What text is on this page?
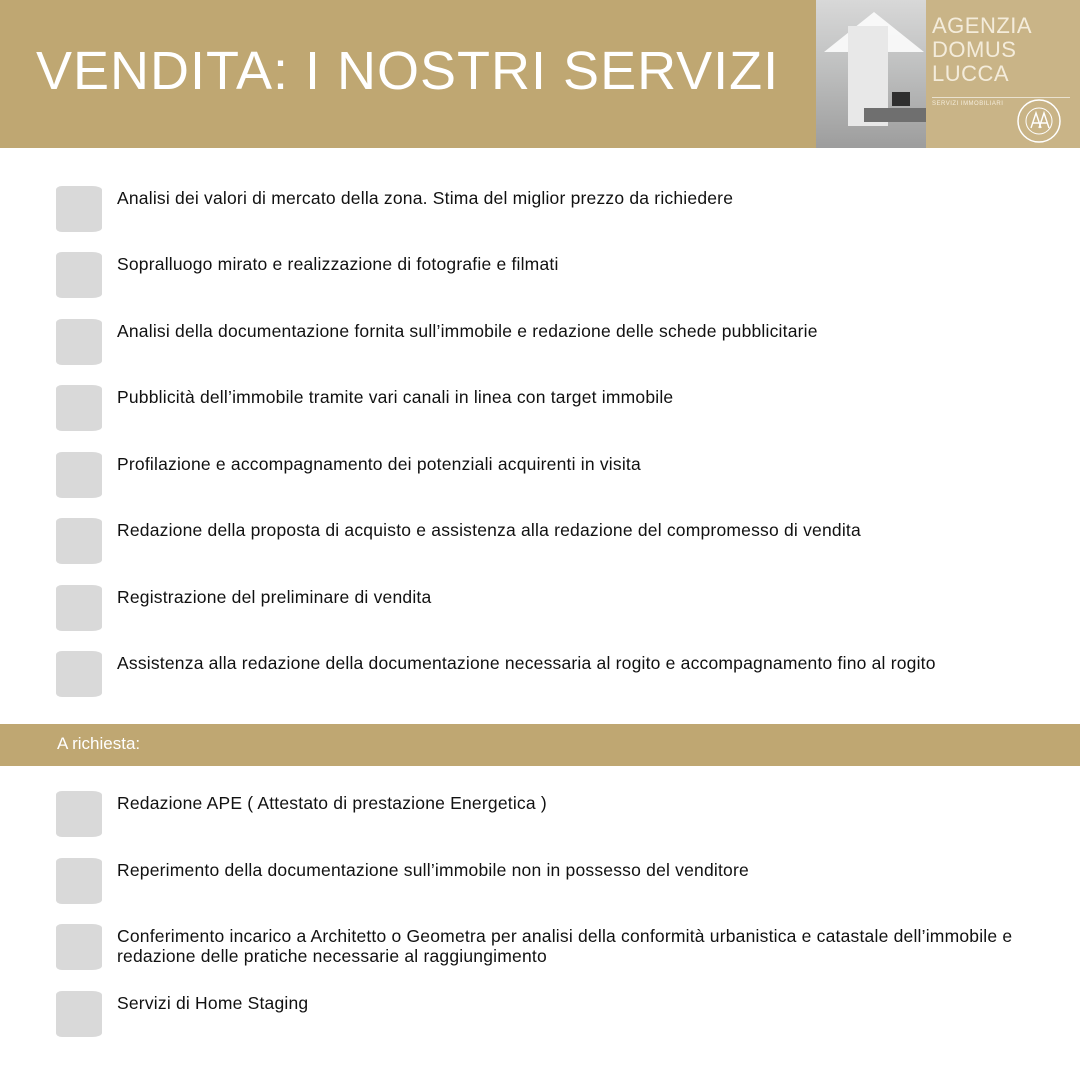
VENDITA: I NOSTRI SERVIZI
AGENZIA
DOMUS
LUCCA
SERVIZI IMMOBILIARI
Analisi dei valori di mercato della zona. Stima del miglior prezzo da richiedere
Sopralluogo mirato e realizzazione di fotografie e filmati
Analisi della documentazione fornita sull’immobile e redazione delle schede pubblicitarie
Pubblicità dell’immobile tramite vari canali in linea con target immobile
Profilazione e accompagnamento dei potenziali acquirenti in visita
Redazione della proposta di acquisto e assistenza alla redazione del compromesso di vendita
Registrazione del preliminare di vendita
Assistenza alla redazione della documentazione necessaria al rogito e accompagnamento fino al rogito
A richiesta:
Redazione APE ( Attestato di prestazione Energetica )
Reperimento della documentazione sull’immobile non in possesso del venditore
Conferimento incarico a Architetto o Geometra per analisi della conformità urbanistica e catastale dell’immobile e redazione delle pratiche necessarie al raggiungimento
Servizi di Home Staging
